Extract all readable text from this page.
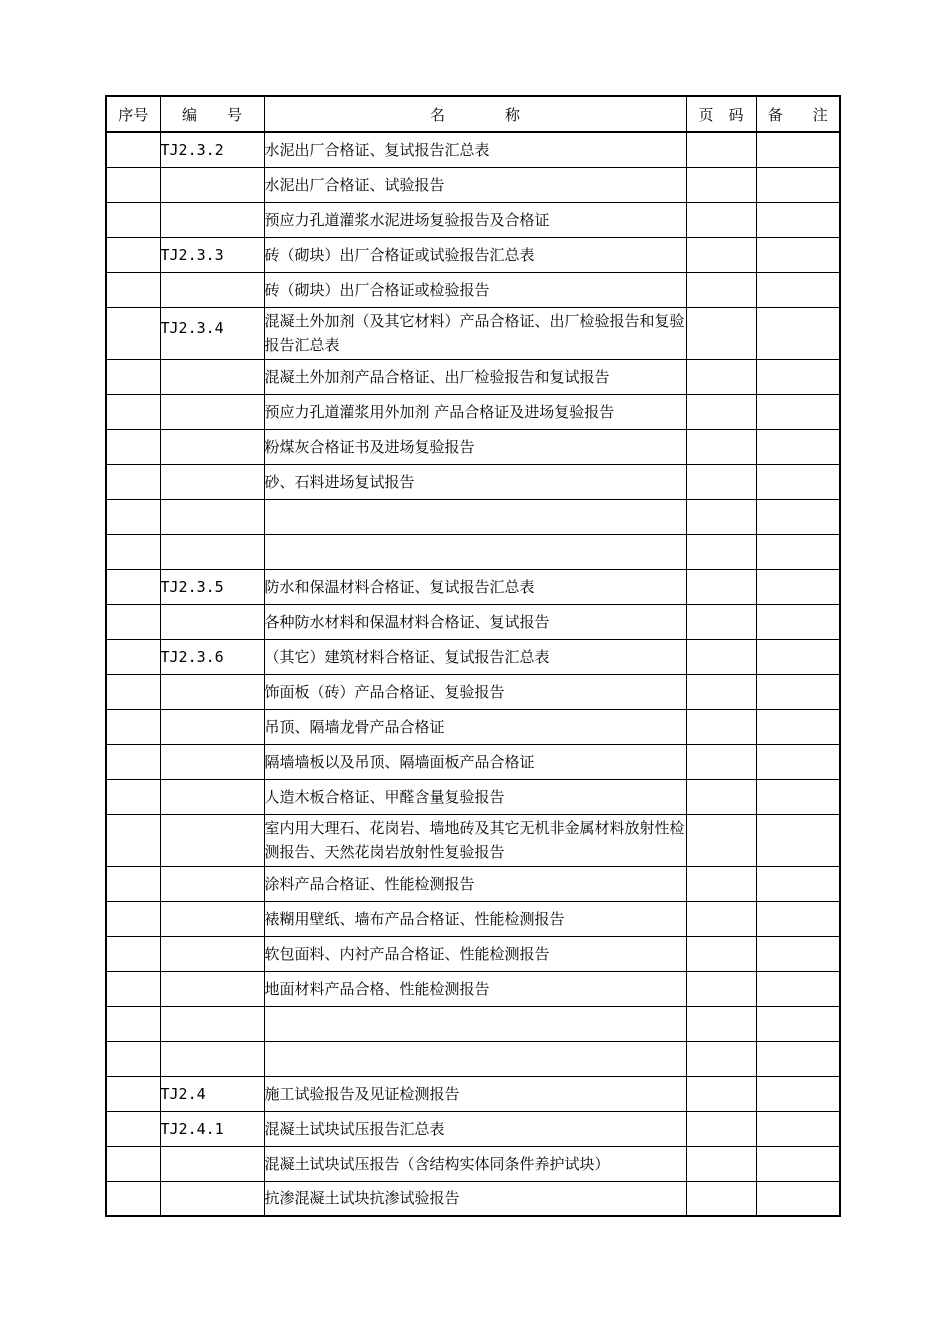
序号	编　　号	名　　　　称	页　码	备　　注
	TJ2.3.2	水泥出厂合格证、复试报告汇总表		
		水泥出厂合格证、试验报告		
		预应力孔道灌浆水泥进场复验报告及合格证		
	TJ2.3.3	砖（砌块）出厂合格证或试验报告汇总表		
		砖（砌块）出厂合格证或检验报告		
	TJ2.3.4	混凝土外加剂（及其它材料）产品合格证、出厂检验报告和复验报告汇总表		
		混凝土外加剂产品合格证、出厂检验报告和复试报告		
		预应力孔道灌浆用外加剂 产品合格证及进场复验报告		
		粉煤灰合格证书及进场复验报告		
		砂、石料进场复试报告		

	TJ2.3.5	防水和保温材料合格证、复试报告汇总表		
		各种防水材料和保温材料合格证、复试报告		
	TJ2.3.6	（其它）建筑材料合格证、复试报告汇总表		
		饰面板（砖）产品合格证、复验报告		
		吊顶、隔墙龙骨产品合格证		
		隔墙墙板以及吊顶、隔墙面板产品合格证		
		人造木板合格证、甲醛含量复验报告		
		室内用大理石、花岗岩、墙地砖及其它无机非金属材料放射性检测报告、天然花岗岩放射性复验报告		
		涂料产品合格证、性能检测报告		
		裱糊用壁纸、墙布产品合格证、性能检测报告		
		软包面料、内衬产品合格证、性能检测报告		
		地面材料产品合格、性能检测报告		

	TJ2.4	施工试验报告及见证检测报告		
	TJ2.4.1	混凝土试块试压报告汇总表		
		混凝土试块试压报告（含结构实体同条件养护试块）		
		抗渗混凝土试块抗渗试验报告		
